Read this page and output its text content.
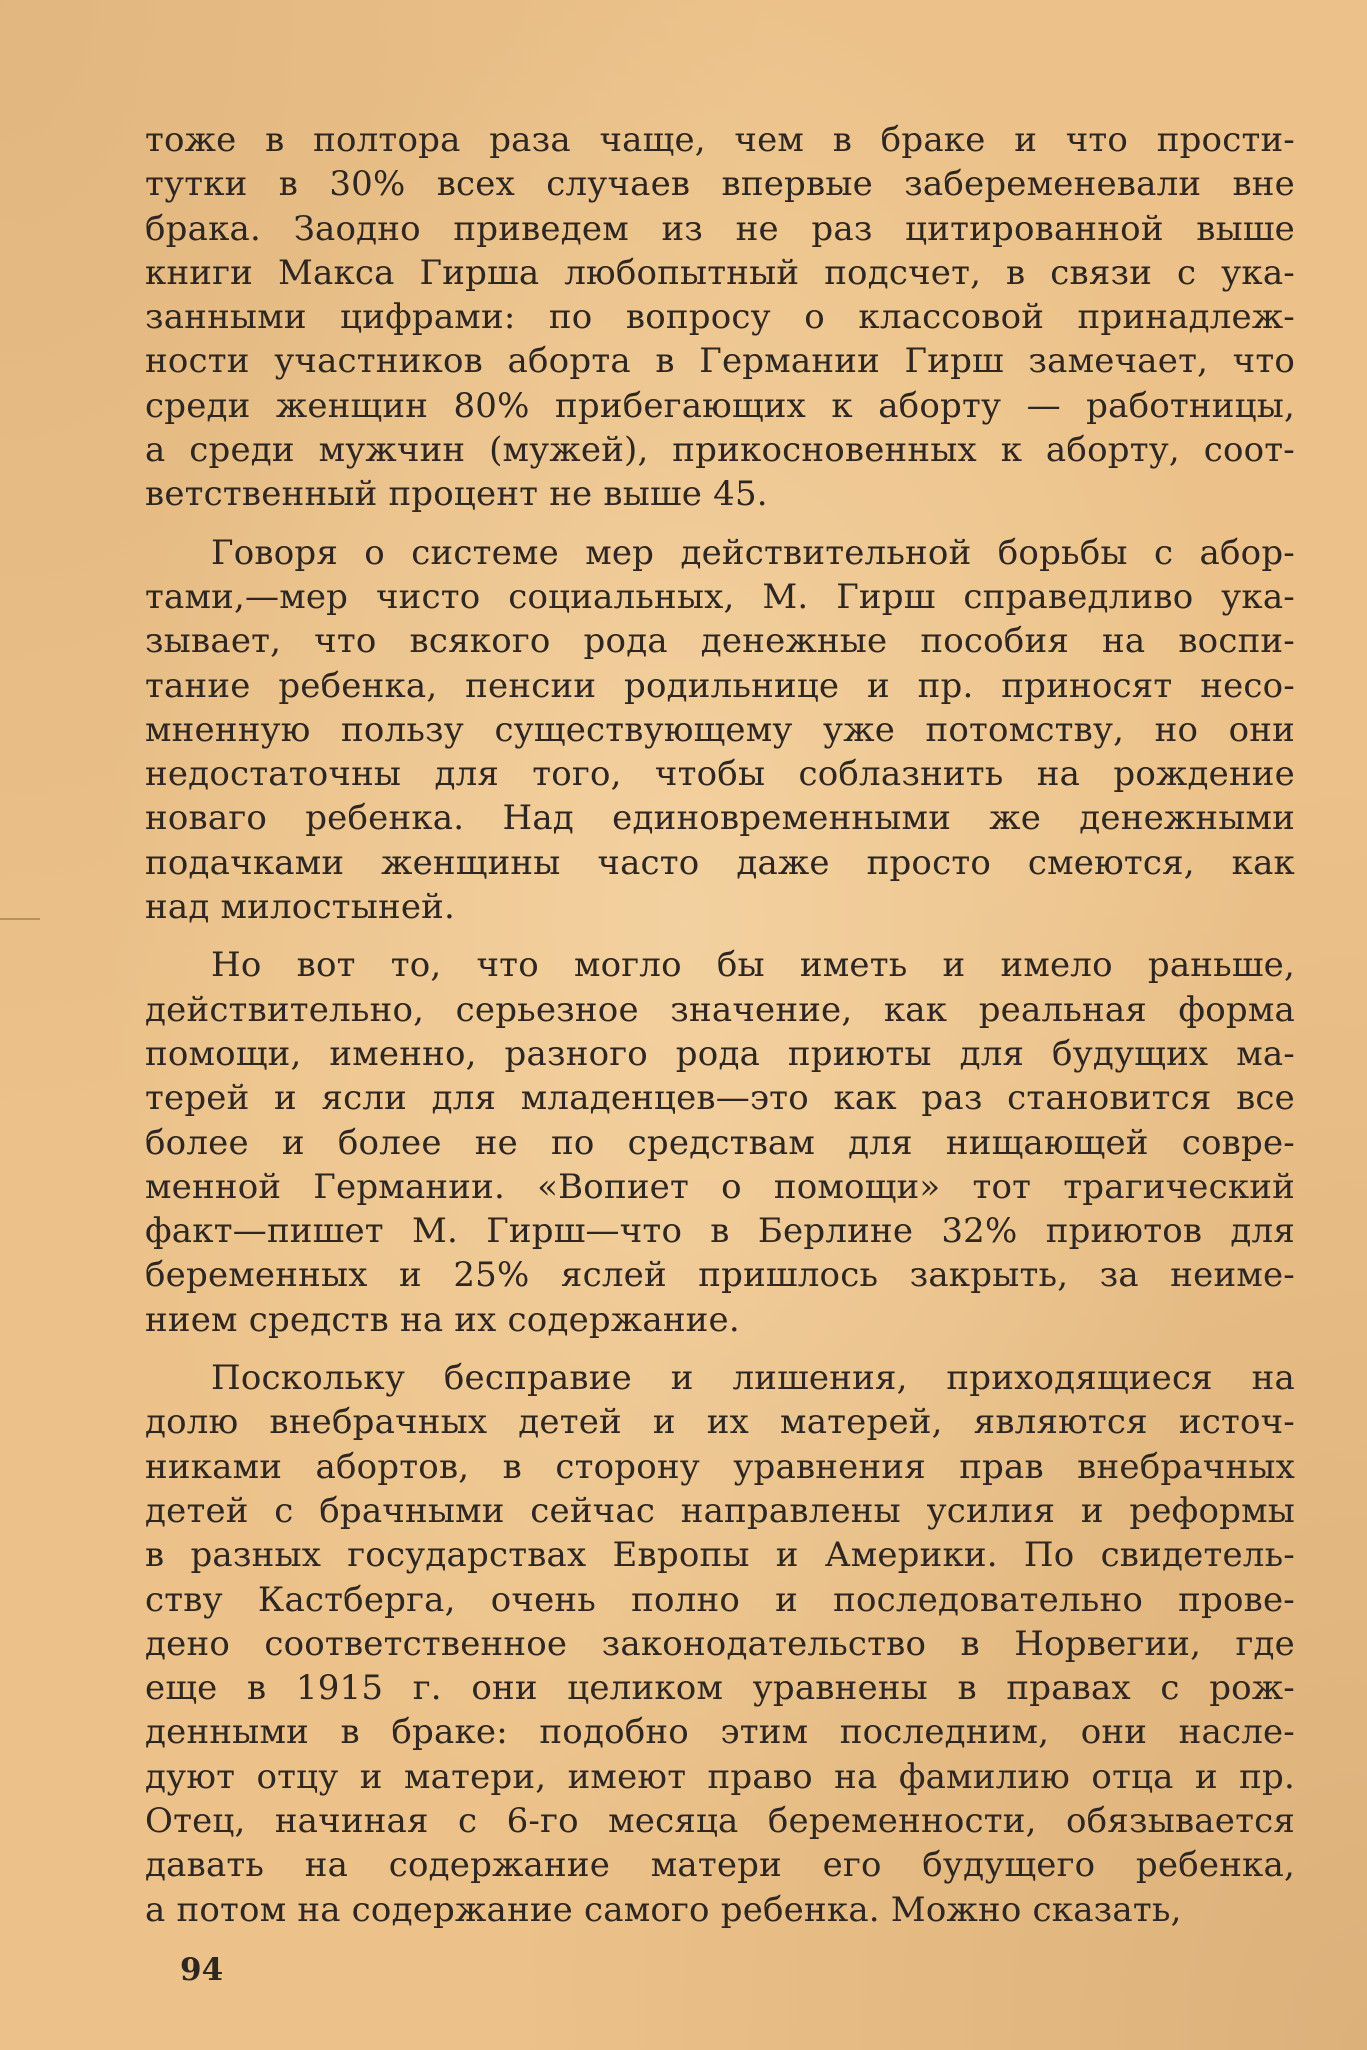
тоже в полтора раза чаще, чем в браке и что прости-
тутки в 30% всех случаев впервые забеременевали вне
брака. Заодно приведем из не раз цитированной выше
книги Макса Гирша любопытный подсчет, в связи с ука-
занными цифрами: по вопросу о классовой принадлеж-
ности участников аборта в Германии Гирш замечает, что
среди женщин 80% прибегающих к аборту — работницы,
а среди мужчин (мужей), прикосновенных к аборту, соот-
ветственный процент не выше 45.
Говоря о системе мер действительной борьбы с абор-
тами,—мер чисто социальных, М. Гирш справедливо ука-
зывает, что всякого рода денежные пособия на воспи-
тание ребенка, пенсии родильнице и пр. приносят несо-
мненную пользу существующему уже потомству, но они
недостаточны для того, чтобы соблазнить на рождение
новаго ребенка. Над единовременными же денежными
подачками женщины часто даже просто смеются, как
над милостыней.
Но вот то, что могло бы иметь и имело раньше,
действительно, серьезное значение, как реальная форма
помощи, именно, разного рода приюты для будущих ма-
терей и ясли для младенцев—это как раз становится все
более и более не по средствам для нищающей совре-
менной Германии. «Вопиет о помощи» тот трагический
факт—пишет М. Гирш—что в Берлине 32% приютов для
беременных и 25% яслей пришлось закрыть, за неиме-
нием средств на их содержание.
Поскольку бесправие и лишения, приходящиеся на
долю внебрачных детей и их матерей, являются источ-
никами абортов, в сторону уравнения прав внебрачных
детей с брачными сейчас направлены усилия и реформы
в разных государствах Европы и Америки. По свидетель-
ству Кастберга, очень полно и последовательно прове-
дено соответственное законодательство в Норвегии, где
еще в 1915 г. они целиком уравнены в правах с рож-
денными в браке: подобно этим последним, они насле-
дуют отцу и матери, имеют право на фамилию отца и пр.
Отец, начиная с 6-го месяца беременности, обязывается
давать на содержание матери его будущего ребенка,
а потом на содержание самого ребенка. Можно сказать,
94
